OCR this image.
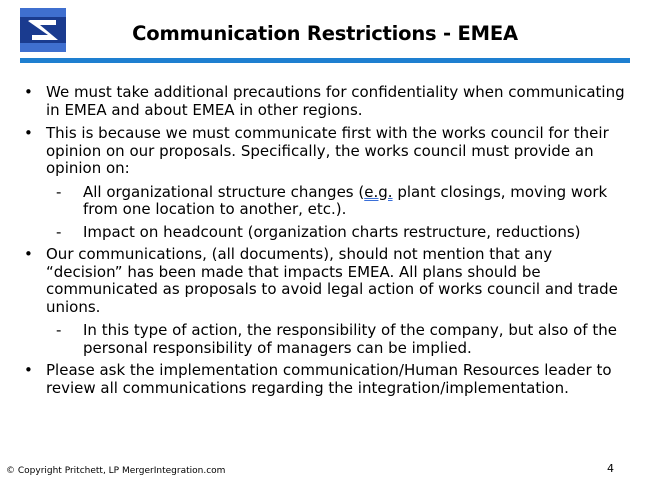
Communication Restrictions - EMEA
• We must take additional precautions for confidentiality when communicating in EMEA and about EMEA in other regions.
• This is because we must communicate first with the works council for their opinion on our proposals. Specifically, the works council must provide an opinion on:
- All organizational structure changes (e.g. plant closings, moving work from one location to another, etc.).
- Impact on headcount (organization charts restructure, reductions)
• Our communications, (all documents), should not mention that any “decision” has been made that impacts EMEA. All plans should be communicated as proposals to avoid legal action of works council and trade unions.
- In this type of action, the responsibility of the company, but also of the personal responsibility of managers can be implied.
• Please ask the implementation communication/Human Resources leader to review all communications regarding the integration/implementation.
© Copyright Pritchett, LP MergerIntegration.com	4
